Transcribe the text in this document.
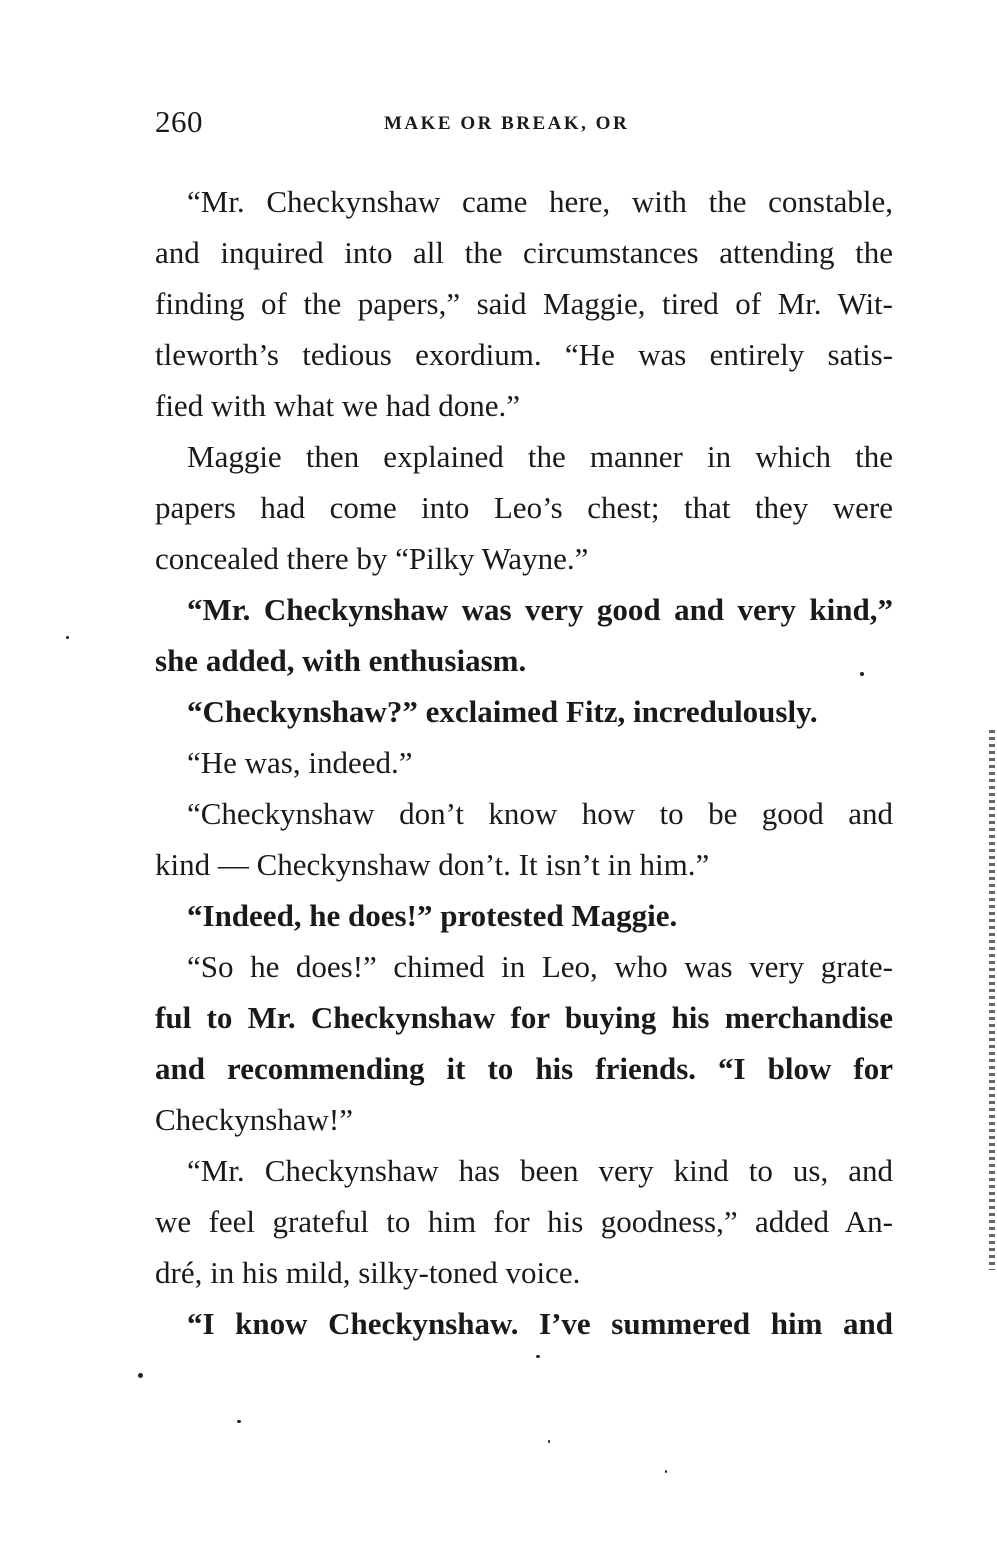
260	MAKE OR BREAK, OR
“Mr. Checkynshaw came here, with the constable,
and inquired into all the circumstances attending the
finding of the papers,” said Maggie, tired of Mr. Wit-
tleworth’s tedious exordium. “He was entirely satis-
fied with what we had done.”
Maggie then explained the manner in which the
papers had come into Leo’s chest; that they were
concealed there by “Pilky Wayne.”
“Mr. Checkynshaw was very good and very kind,”
she added, with enthusiasm.
“Checkynshaw?” exclaimed Fitz, incredulously.
“He was, indeed.”
“Checkynshaw don’t know how to be good and
kind — Checkynshaw don’t. It isn’t in him.”
“Indeed, he does!” protested Maggie.
“So he does!” chimed in Leo, who was very grate-
ful to Mr. Checkynshaw for buying his merchandise
and recommending it to his friends. “I blow for
Checkynshaw!”
“Mr. Checkynshaw has been very kind to us, and
we feel grateful to him for his goodness,” added An-
dré, in his mild, silky-toned voice.
“I know Checkynshaw. I’ve summered him and
